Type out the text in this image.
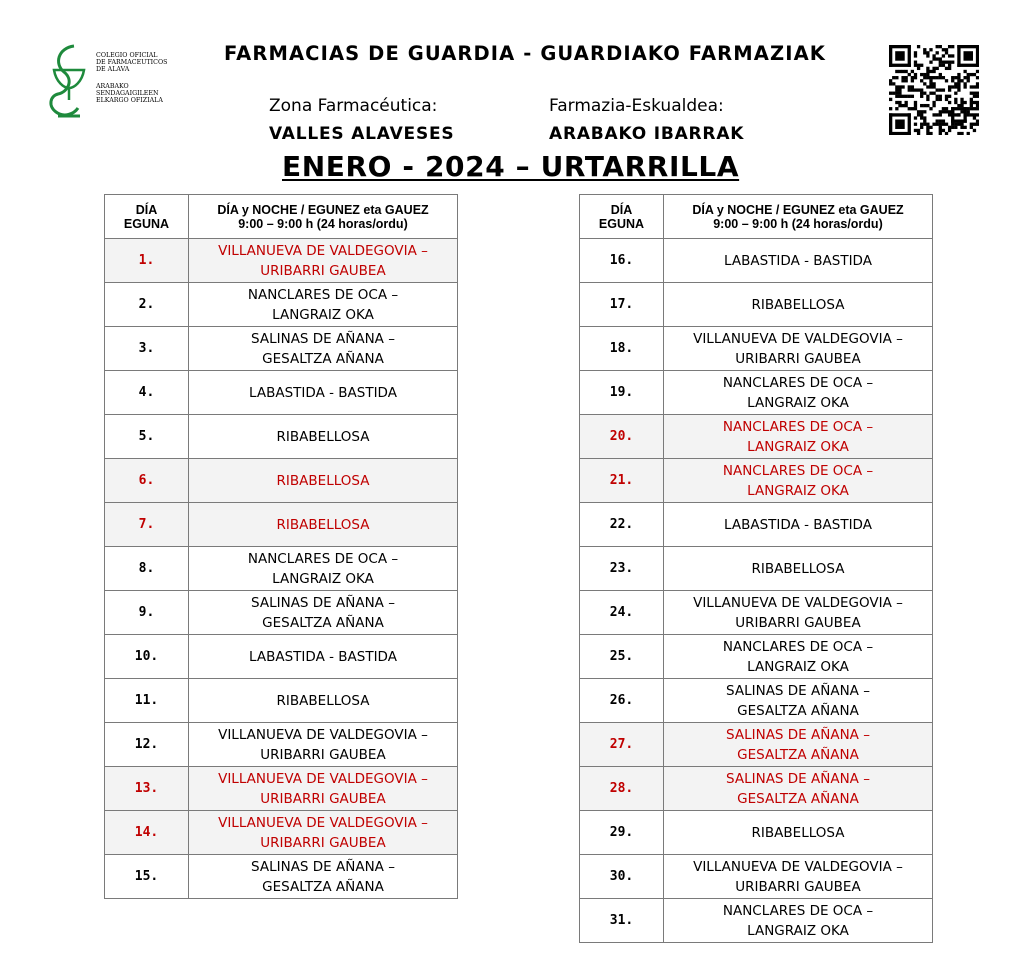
COLEGIO OFICIAL
DE FARMACEUTICOS
DE ALAVA
ARABAKO
SENDAGAIGILEEN
ELKARGO OFIZIALA
FARMACIAS DE GUARDIA - GUARDIAKO FARMAZIAK
Zona Farmacéutica:	Farmazia-Eskualdea:
VALLES ALAVESES	ARABAKO IBARRAK
ENERO - 2024 – URTARRILLA
DÍA
EGUNA	DÍA y NOCHE / EGUNEZ eta GAUEZ
9:00 – 9:00 h (24 horas/ordu)
1.	VILLANUEVA DE VALDEGOVIA –
URIBARRI GAUBEA
2.	NANCLARES DE OCA –
LANGRAIZ OKA
3.	SALINAS DE AÑANA –
GESALTZA AÑANA
4.	LABASTIDA - BASTIDA
5.	RIBABELLOSA
6.	RIBABELLOSA
7.	RIBABELLOSA
8.	NANCLARES DE OCA –
LANGRAIZ OKA
9.	SALINAS DE AÑANA –
GESALTZA AÑANA
10.	LABASTIDA - BASTIDA
11.	RIBABELLOSA
12.	VILLANUEVA DE VALDEGOVIA –
URIBARRI GAUBEA
13.	VILLANUEVA DE VALDEGOVIA –
URIBARRI GAUBEA
14.	VILLANUEVA DE VALDEGOVIA –
URIBARRI GAUBEA
15.	SALINAS DE AÑANA –
GESALTZA AÑANA
DÍA
EGUNA	DÍA y NOCHE / EGUNEZ eta GAUEZ
9:00 – 9:00 h (24 horas/ordu)
16.	LABASTIDA - BASTIDA
17.	RIBABELLOSA
18.	VILLANUEVA DE VALDEGOVIA –
URIBARRI GAUBEA
19.	NANCLARES DE OCA –
LANGRAIZ OKA
20.	NANCLARES DE OCA –
LANGRAIZ OKA
21.	NANCLARES DE OCA –
LANGRAIZ OKA
22.	LABASTIDA - BASTIDA
23.	RIBABELLOSA
24.	VILLANUEVA DE VALDEGOVIA –
URIBARRI GAUBEA
25.	NANCLARES DE OCA –
LANGRAIZ OKA
26.	SALINAS DE AÑANA –
GESALTZA AÑANA
27.	SALINAS DE AÑANA –
GESALTZA AÑANA
28.	SALINAS DE AÑANA –
GESALTZA AÑANA
29.	RIBABELLOSA
30.	VILLANUEVA DE VALDEGOVIA –
URIBARRI GAUBEA
31.	NANCLARES DE OCA –
LANGRAIZ OKA
